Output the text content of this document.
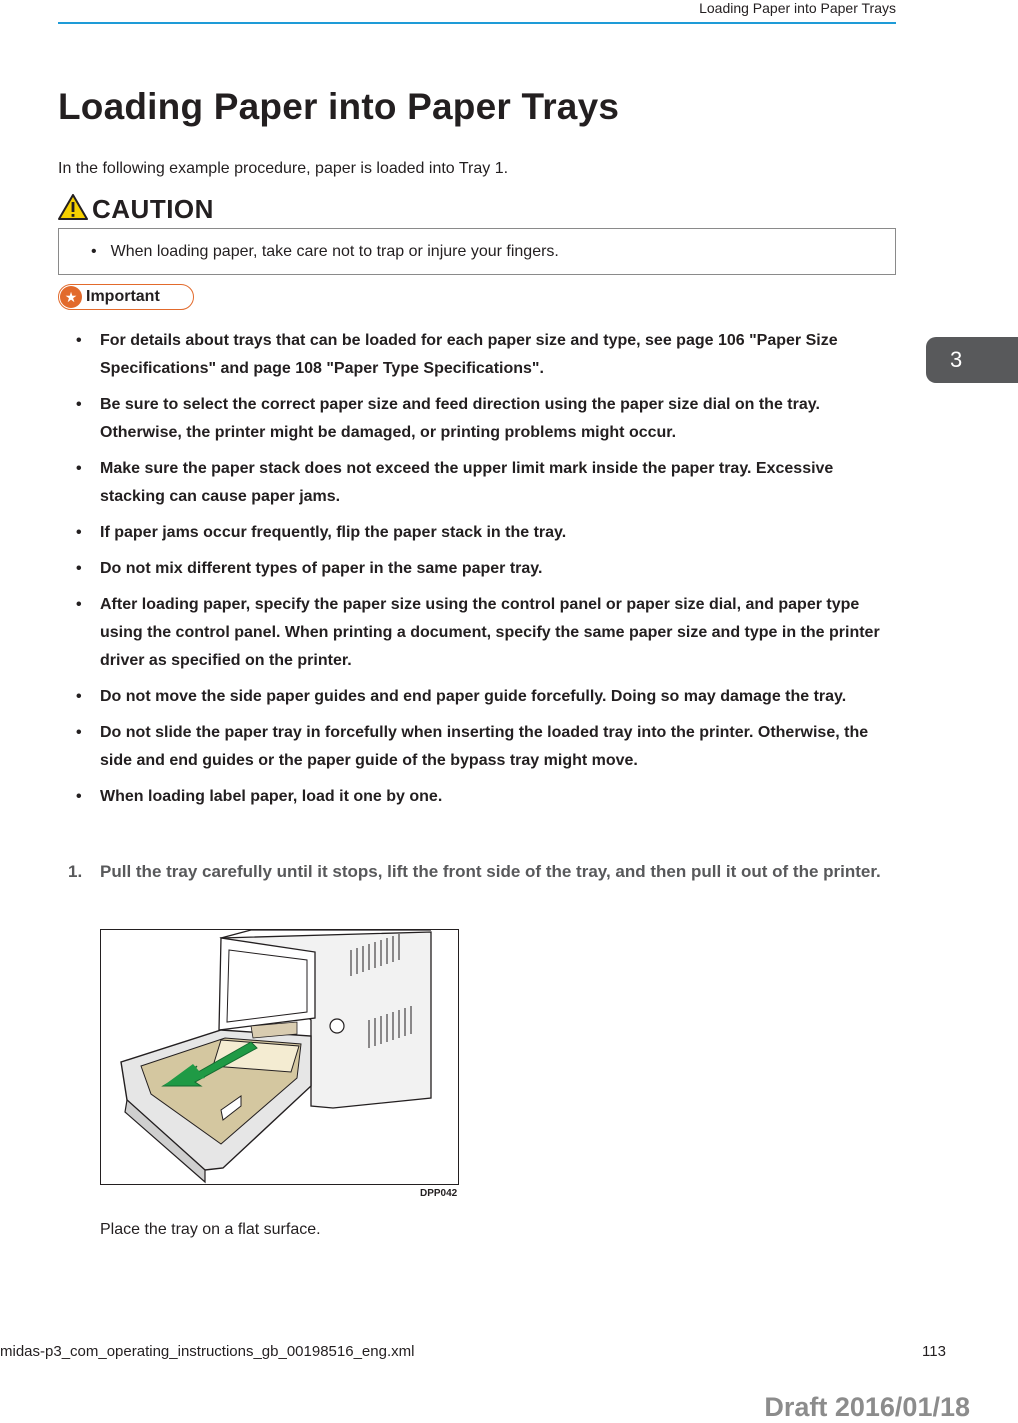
Loading Paper into Paper Trays
Loading Paper into Paper Trays
In the following example procedure, paper is loaded into Tray 1.
CAUTION
• When loading paper, take care not to trap or injure your fingers.
★ Important
• For details about trays that can be loaded for each paper size and type, see page 106 "Paper Size Specifications" and page 108 "Paper Type Specifications".
• Be sure to select the correct paper size and feed direction using the paper size dial on the tray. Otherwise, the printer might be damaged, or printing problems might occur.
• Make sure the paper stack does not exceed the upper limit mark inside the paper tray. Excessive stacking can cause paper jams.
• If paper jams occur frequently, flip the paper stack in the tray.
• Do not mix different types of paper in the same paper tray.
• After loading paper, specify the paper size using the control panel or paper size dial, and paper type using the control panel. When printing a document, specify the same paper size and type in the printer driver as specified on the printer.
• Do not move the side paper guides and end paper guide forcefully. Doing so may damage the tray.
• Do not slide the paper tray in forcefully when inserting the loaded tray into the printer. Otherwise, the side and end guides or the paper guide of the bypass tray might move.
• When loading label paper, load it one by one.
1.	Pull the tray carefully until it stops, lift the front side of the tray, and then pull it out of the printer.
DPP042
Place the tray on a flat surface.
3
midas-p3_com_operating_instructions_gb_00198516_eng.xml	113
Draft 2016/01/18
